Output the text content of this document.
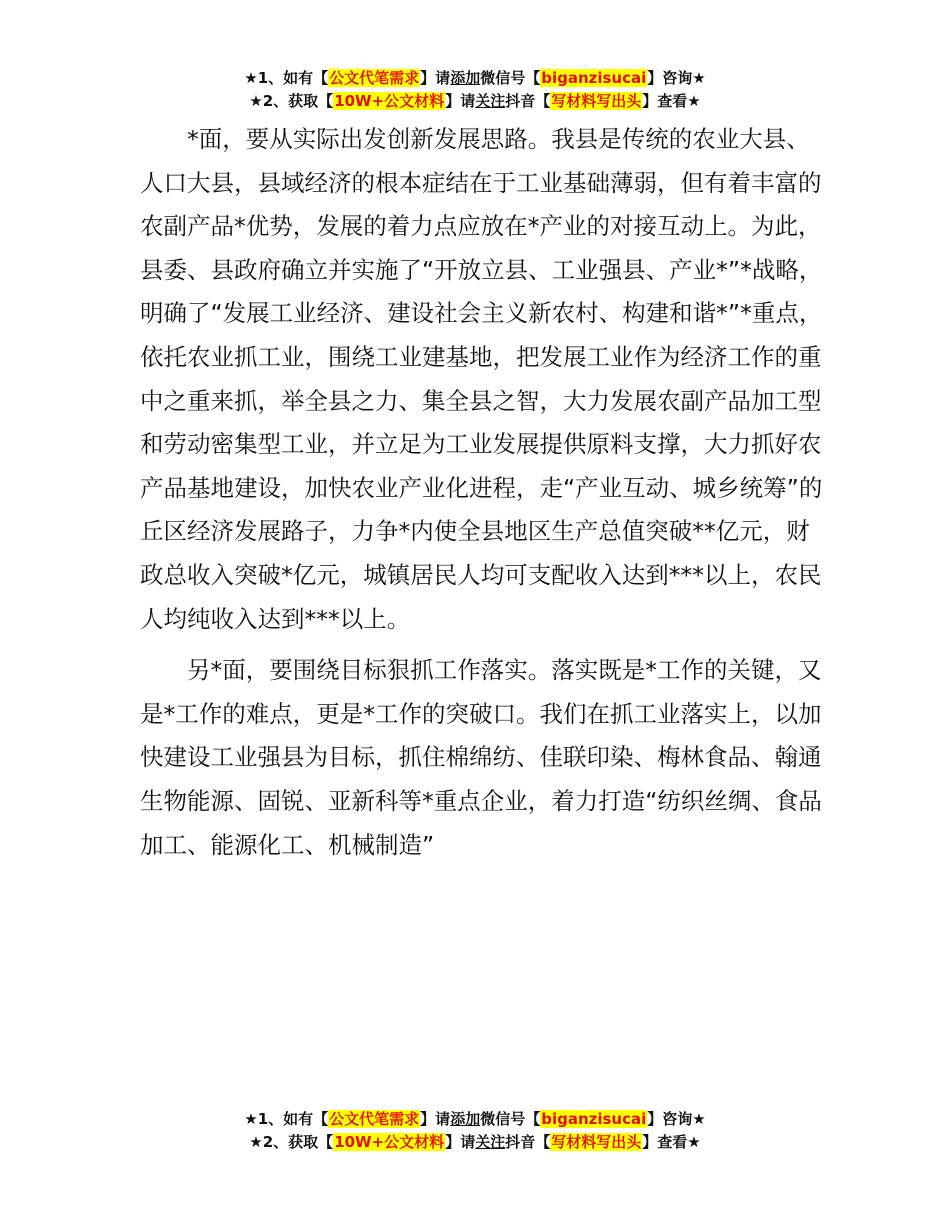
★1、如有【公文代笔需求】请添加微信号【biganzisucai】咨询★
★2、获取【10W+公文材料】请关注抖音【写材料写出头】查看★

*面，要从实际出发创新发展思路。我县是传统的农业大县、人口大县，县域经济的根本症结在于工业基础薄弱，但有着丰富的农副产品*优势，发展的着力点应放在*产业的对接互动上。为此，县委、县政府确立并实施了“开放立县、工业强县、产业*”*战略，明确了“发展工业经济、建设社会主义新农村、构建和谐*”*重点，依托农业抓工业，围绕工业建基地，把发展工业作为经济工作的重中之重来抓，举全县之力、集全县之智，大力发展农副产品加工型和劳动密集型工业，并立足为工业发展提供原料支撑，大力抓好农产品基地建设，加快农业产业化进程，走“产业互动、城乡统筹”的丘区经济发展路子，力争*内使全县地区生产总值突破**亿元，财政总收入突破*亿元，城镇居民人均可支配收入达到***以上，农民人均纯收入达到***以上。

另*面，要围绕目标狠抓工作落实。落实既是*工作的关键，又是*工作的难点，更是*工作的突破口。我们在抓工业落实上，以加快建设工业强县为目标，抓住棉绵纺、佳联印染、梅林食品、翰通生物能源、固锐、亚新科等*重点企业，着力打造“纺织丝绸、食品加工、能源化工、机械制造”

★1、如有【公文代笔需求】请添加微信号【biganzisucai】咨询★
★2、获取【10W+公文材料】请关注抖音【写材料写出头】查看★
